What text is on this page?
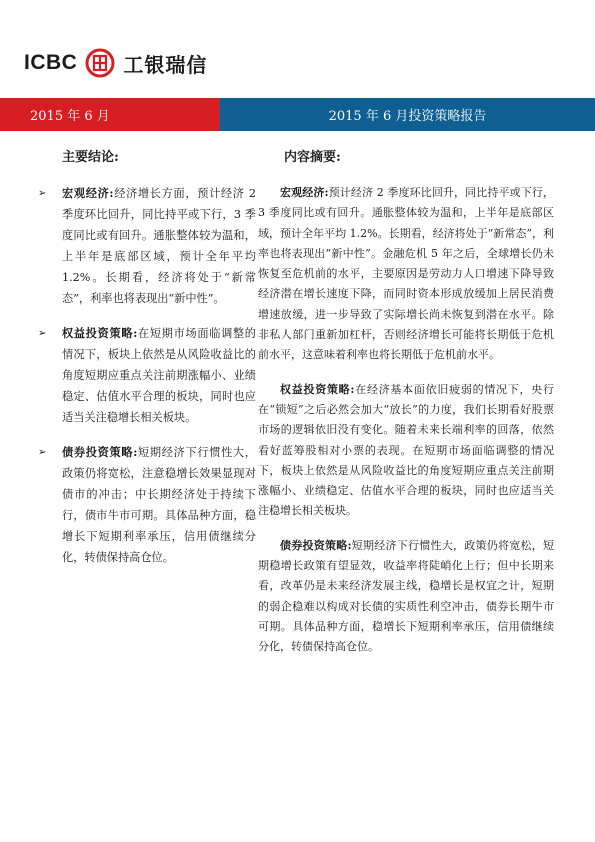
ICBC 工银瑞信
2015 年 6 月	2015 年 6 月投资策略报告
主要结论:
➢	宏观经济:经济增长方面，预计经济 2 季度环比回升，同比持平或下行，3 季度同比或有回升。通胀整体较为温和，上半年是底部区域，预计全年平均 1.2%。长期看，经济将处于“新常态”，利率也将表现出“新中性”。
➢	权益投资策略:在短期市场面临调整的情况下，板块上依然是从风险收益比的角度短期应重点关注前期涨幅小、业绩稳定、估值水平合理的板块，同时也应适当关注稳增长相关板块。
➢	债券投资策略:短期经济下行惯性大，政策仍将宽松，注意稳增长效果显现对债市的冲击；中长期经济处于持续下行，债市牛市可期。具体品种方面，稳增长下短期利率承压，信用债继续分化，转债保持高仓位。
内容摘要:

宏观经济:预计经济 2 季度环比回升，同比持平或下行，3 季度同比或有回升。通胀整体较为温和，上半年是底部区域，预计全年平均 1.2%。长期看，经济将处于“新常态”，利率也将表现出“新中性”。金融危机 5 年之后，全球增长仍未恢复至危机前的水平，主要原因是劳动力人口增速下降导致经济潜在增长速度下降，而同时资本形成放缓加上居民消费增速放缓，进一步导致了实际增长尚未恢复到潜在水平。除非私人部门重新加杠杆，否则经济增长可能将长期低于危机前水平，这意味着利率也将长期低于危机前水平。

权益投资策略:在经济基本面依旧疲弱的情况下，央行在“锁短”之后必然会加大“放长”的力度，我们长期看好股票市场的逻辑依旧没有变化。随着未来长端利率的回落，依然看好蓝筹股相对小票的表现。在短期市场面临调整的情况下，板块上依然是从风险收益比的角度短期应重点关注前期涨幅小、业绩稳定、估值水平合理的板块，同时也应适当关注稳增长相关板块。

债券投资策略:短期经济下行惯性大，政策仍将宽松，短期稳增长政策有望显效，收益率将陡峭化上行；但中长期来看，改革仍是未来经济发展主线，稳增长是权宜之计，短期的弱企稳难以构成对长债的实质性利空冲击，债券长期牛市可期。具体品种方面，稳增长下短期利率承压，信用债继续分化，转债保持高仓位。
